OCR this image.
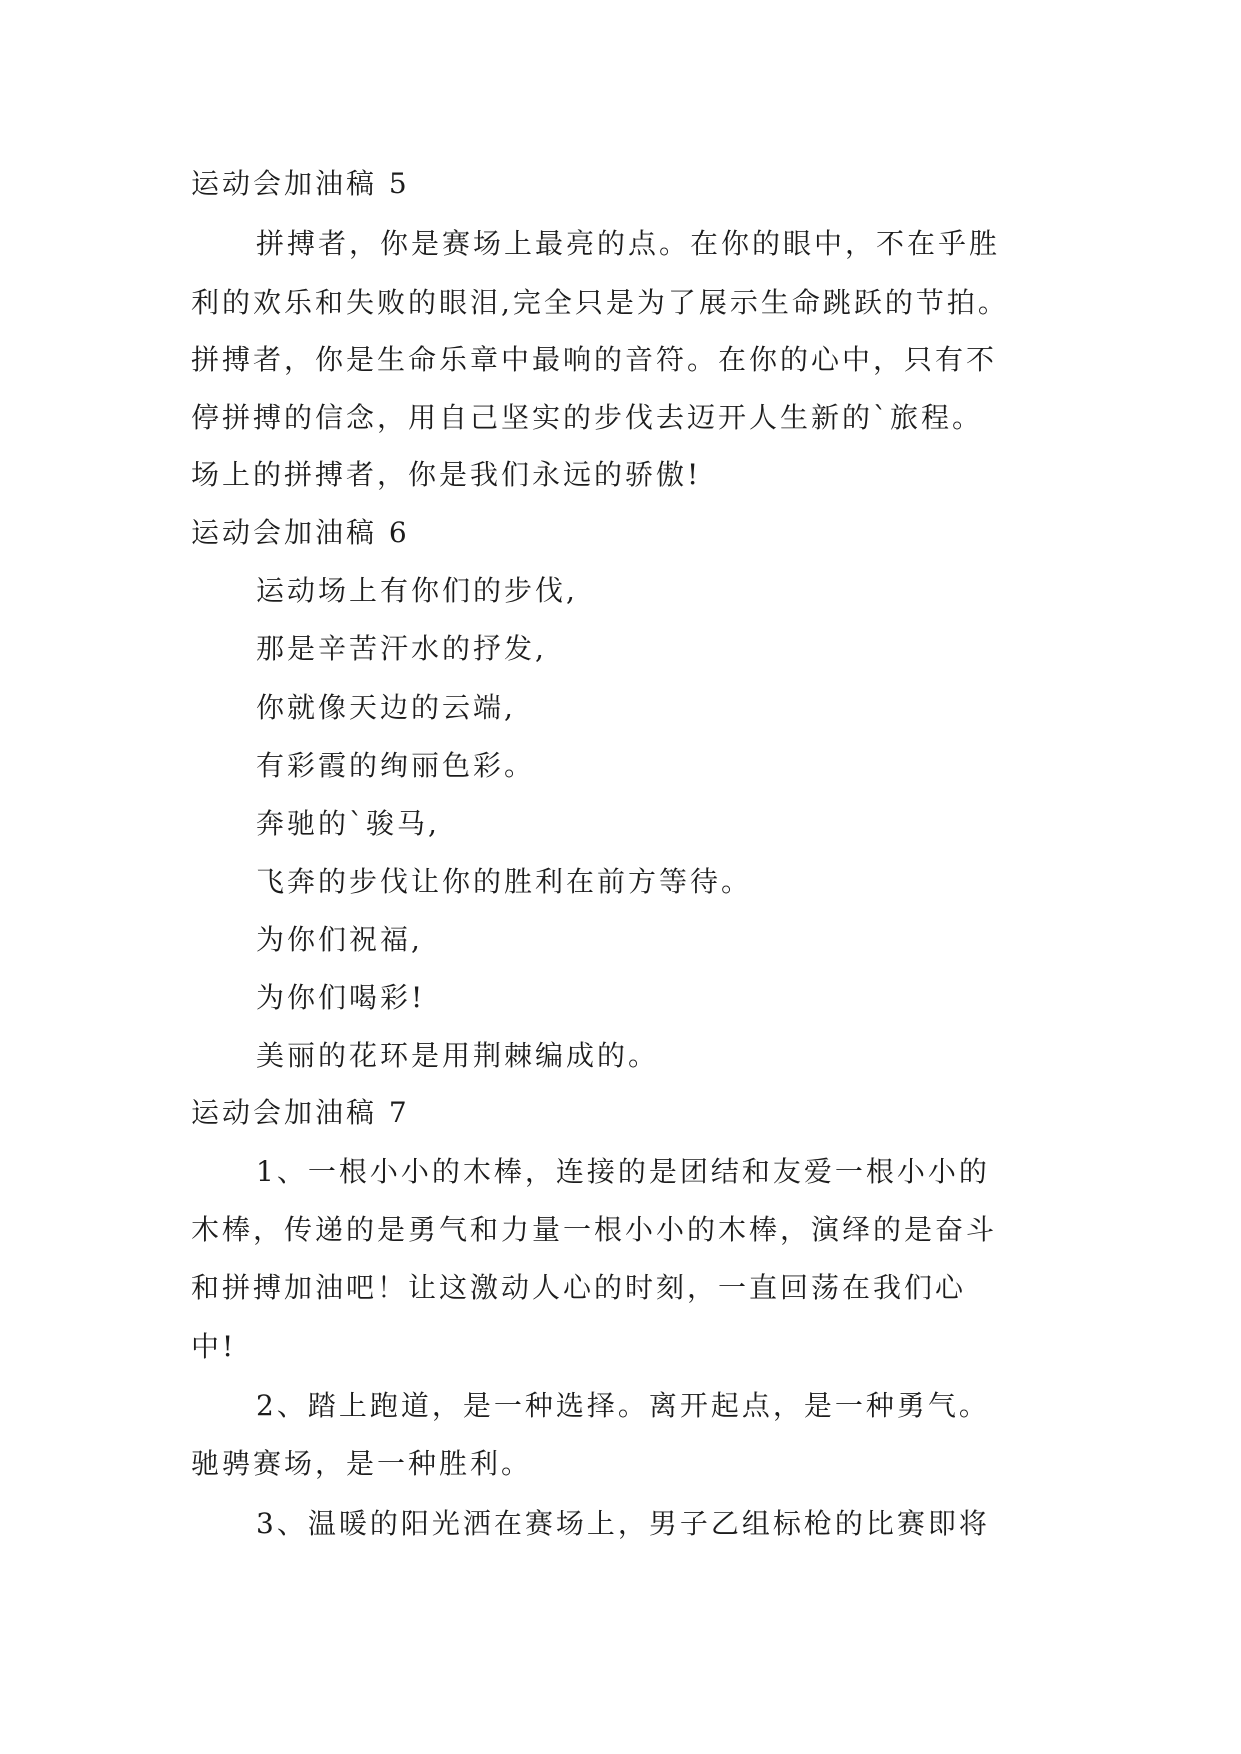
运动会加油稿 5

拼搏者，你是赛场上最亮的点。在你的眼中，不在乎胜

利的欢乐和失败的眼泪,完全只是为了展示生命跳跃的节拍。

拼搏者，你是生命乐章中最响的音符。在你的心中，只有不

停拼搏的信念，用自己坚实的步伐去迈开人生新的`旅程。

场上的拼搏者，你是我们永远的骄傲!

运动会加油稿 6

运动场上有你们的步伐,

那是辛苦汗水的抒发,

你就像天边的云端,

有彩霞的绚丽色彩。

奔驰的`骏马,

飞奔的步伐让你的胜利在前方等待。

为你们祝福,

为你们喝彩!

美丽的花环是用荆棘编成的。

运动会加油稿 7

1、一根小小的木棒，连接的是团结和友爱一根小小的

木棒，传递的是勇气和力量一根小小的木棒，演绎的是奋斗

和拼搏加油吧！让这激动人心的时刻，一直回荡在我们心

中!

2、踏上跑道，是一种选择。离开起点，是一种勇气。

驰骋赛场，是一种胜利。

3、温暖的阳光洒在赛场上，男子乙组标枪的比赛即将
